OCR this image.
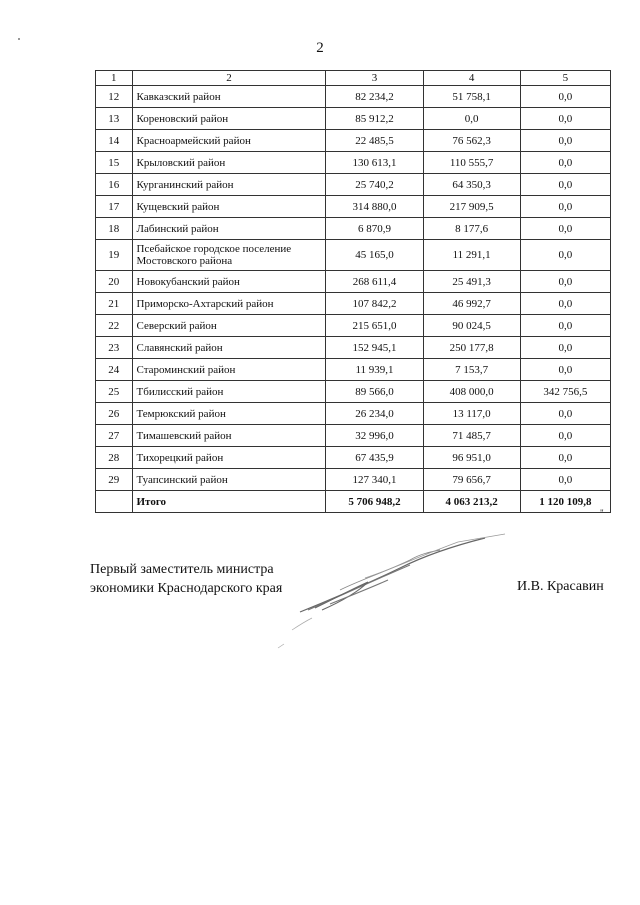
2
1	2	3	4	5
12	Кавказский район	82 234,2	51 758,1	0,0
13	Кореновский район	85 912,2	0,0	0,0
14	Красноармейский район	22 485,5	76 562,3	0,0
15	Крыловский район	130 613,1	110 555,7	0,0
16	Курганинский район	25 740,2	64 350,3	0,0
17	Кущевский район	314 880,0	217 909,5	0,0
18	Лабинский район	6 870,9	8 177,6	0,0
19	Псебайское городское поселение Мостовского района	45 165,0	11 291,1	0,0
20	Новокубанский район	268 611,4	25 491,3	0,0
21	Приморско-Ахтарский район	107 842,2	46 992,7	0,0
22	Северский район	215 651,0	90 024,5	0,0
23	Славянский район	152 945,1	250 177,8	0,0
24	Староминский район	11 939,1	7 153,7	0,0
25	Тбилисский район	89 566,0	408 000,0	342 756,5
26	Темрюкский район	26 234,0	13 117,0	0,0
27	Тимашевский район	32 996,0	71 485,7	0,0
28	Тихорецкий район	67 435,9	96 951,0	0,0
29	Туапсинский район	127 340,1	79 656,7	0,0
	Итого	5 706 948,2	4 063 213,2	1 120 109,8
"
Первый заместитель министра
экономики Краснодарского края	И.В. Красавин
